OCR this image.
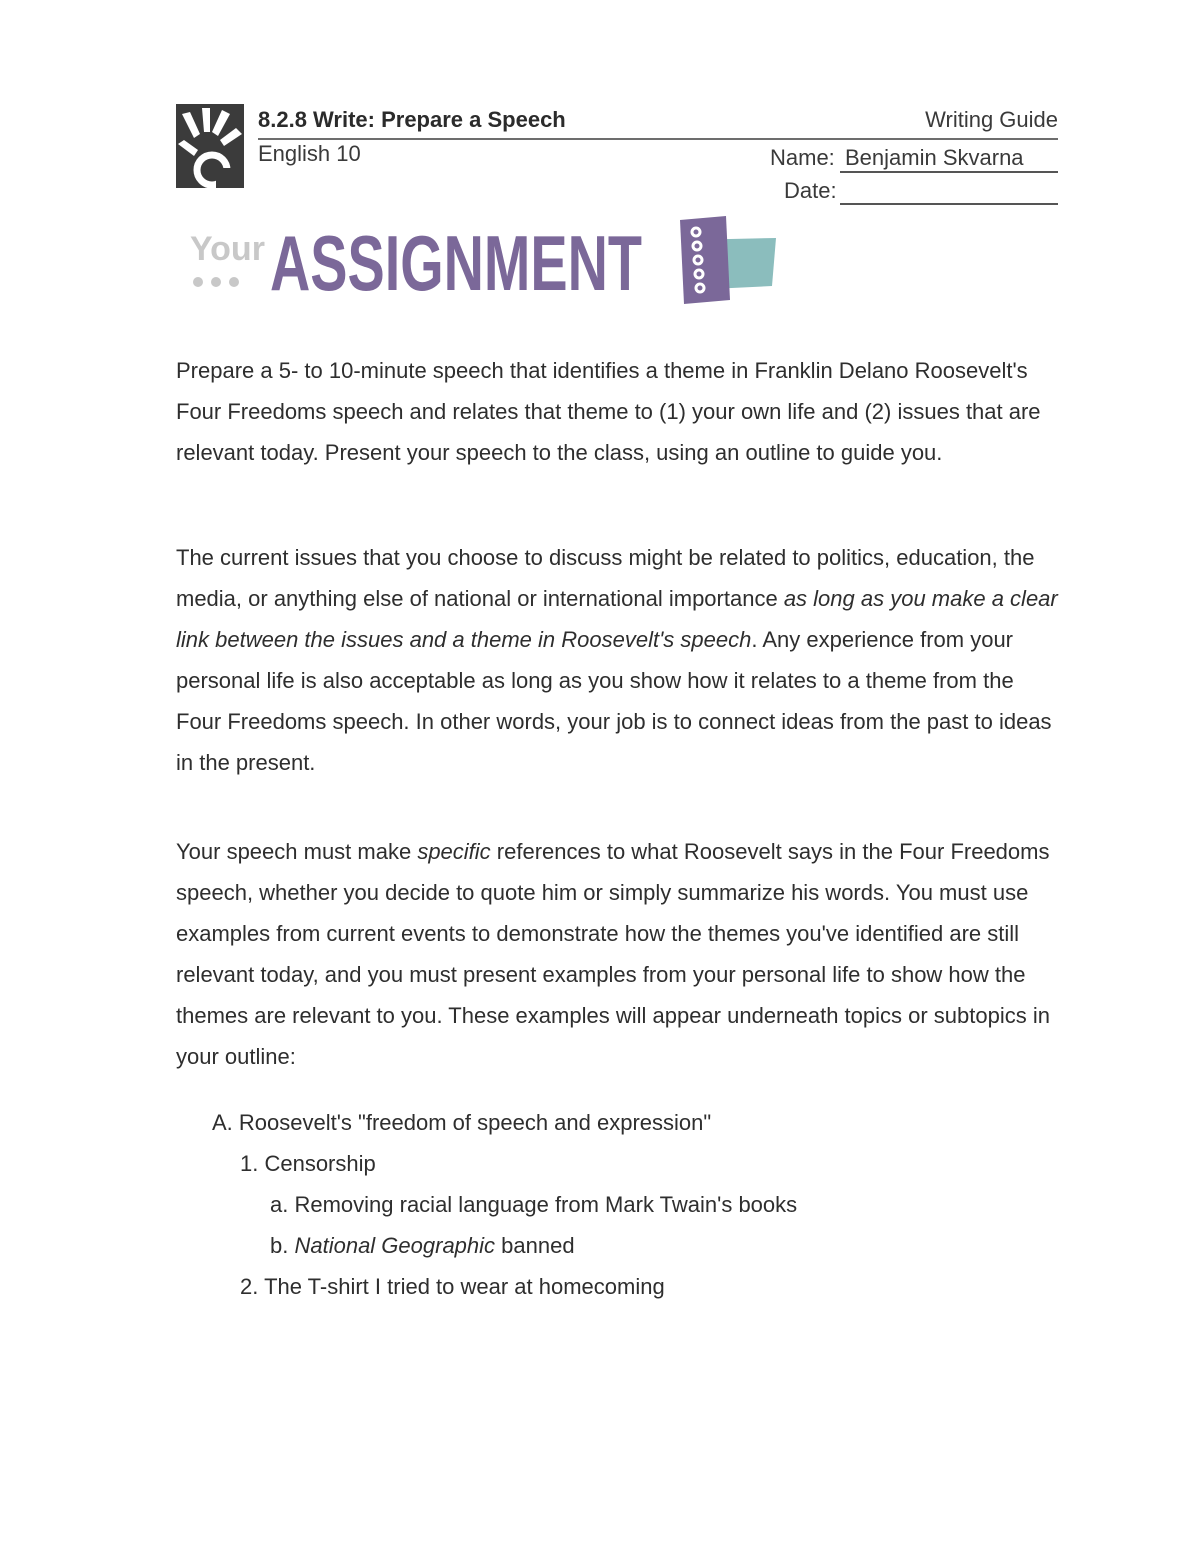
8.2.8 Write: Prepare a Speech	Writing Guide
English 10	Name: Benjamin Skvarna
Date:
Your ASSIGNMENT
Prepare a 5- to 10-minute speech that identifies a theme in Franklin Delano Roosevelt's Four Freedoms speech and relates that theme to (1) your own life and (2) issues that are relevant today. Present your speech to the class, using an outline to guide you.
The current issues that you choose to discuss might be related to politics, education, the media, or anything else of national or international importance as long as you make a clear link between the issues and a theme in Roosevelt's speech. Any experience from your personal life is also acceptable as long as you show how it relates to a theme from the Four Freedoms speech. In other words, your job is to connect ideas from the past to ideas in the present.
Your speech must make specific references to what Roosevelt says in the Four Freedoms speech, whether you decide to quote him or simply summarize his words. You must use examples from current events to demonstrate how the themes you've identified are still relevant today, and you must present examples from your personal life to show how the themes are relevant to you. These examples will appear underneath topics or subtopics in your outline:
A. Roosevelt's "freedom of speech and expression"
1. Censorship
a. Removing racial language from Mark Twain's books
b. National Geographic banned
2. The T-shirt I tried to wear at homecoming
